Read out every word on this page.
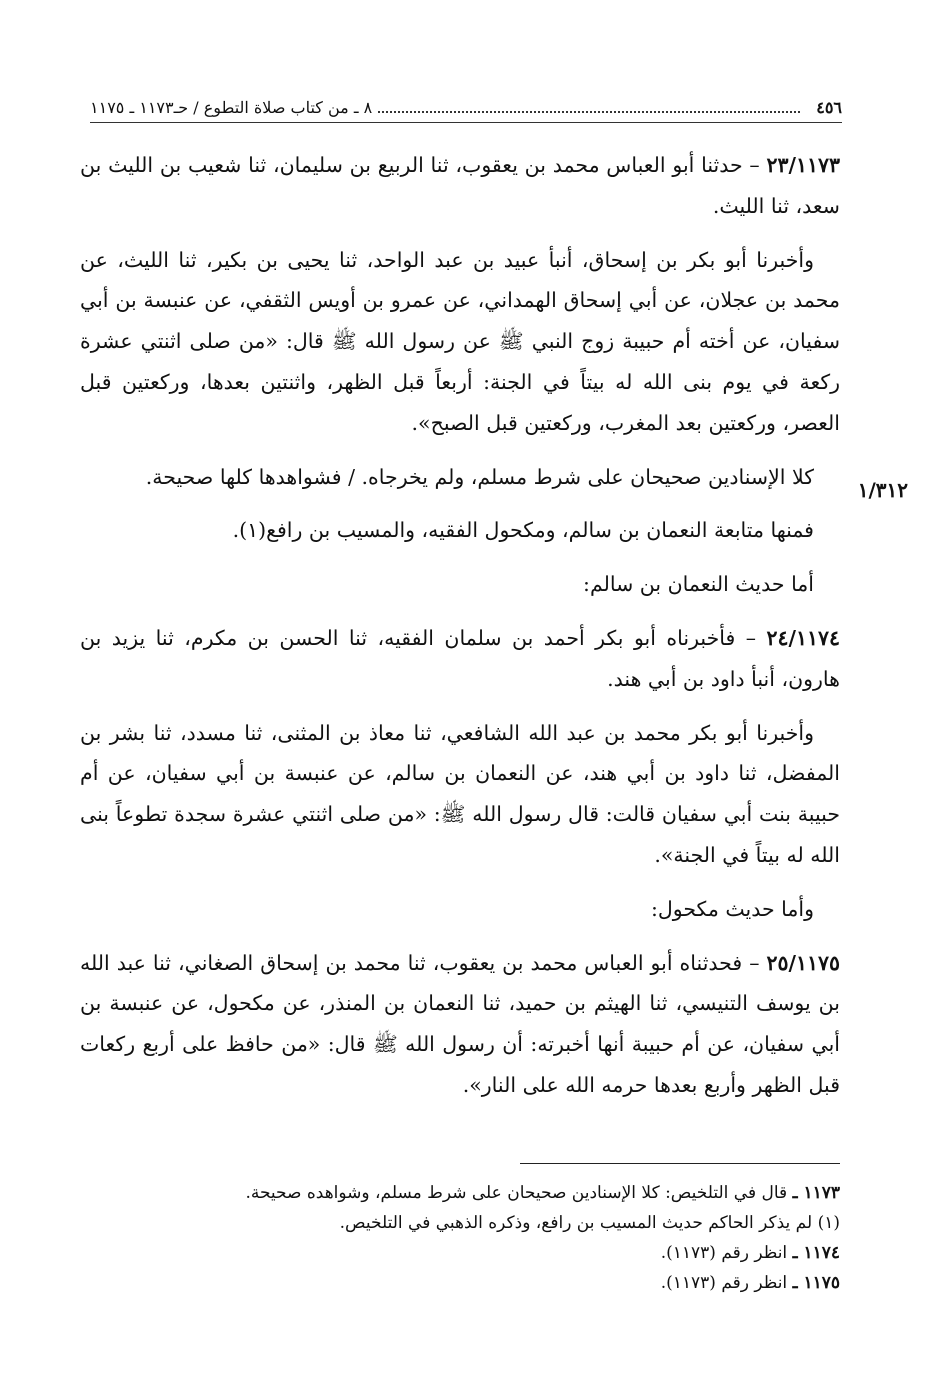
٤٥٦
٨ ـ من كتاب صلاة التطوع / حـ١١٧٣ ـ ١١٧٥
١/٣١٢

٢٣/١١٧٣ – حدثنا أبو العباس محمد بن يعقوب، ثنا الربيع بن سليمان، ثنا شعيب بن الليث بن سعد، ثنا الليث.

وأخبرنا أبو بكر بن إسحاق، أنبأ عبيد بن عبد الواحد، ثنا يحيى بن بكير، ثنا الليث، عن محمد بن عجلان، عن أبي إسحاق الهمداني، عن عمرو بن أويس الثقفي، عن عنبسة بن أبي سفيان، عن أخته أم حبيبة زوج النبي ﷺ عن رسول الله ﷺ قال: «من صلى اثنتي عشرة ركعة في يوم بنى الله له بيتاً في الجنة: أربعاً قبل الظهر، واثنتين بعدها، وركعتين قبل العصر، وركعتين بعد المغرب، وركعتين قبل الصبح».

كلا الإسنادين صحيحان على شرط مسلم، ولم يخرجاه. / فشواهدها كلها صحيحة.

فمنها متابعة النعمان بن سالم، ومكحول الفقيه، والمسيب بن رافع(١).

أما حديث النعمان بن سالم:

٢٤/١١٧٤ – فأخبرناه أبو بكر أحمد بن سلمان الفقيه، ثنا الحسن بن مكرم، ثنا يزيد بن هارون، أنبأ داود بن أبي هند.

وأخبرنا أبو بكر محمد بن عبد الله الشافعي، ثنا معاذ بن المثنى، ثنا مسدد، ثنا بشر بن المفضل، ثنا داود بن أبي هند، عن النعمان بن سالم، عن عنبسة بن أبي سفيان، عن أم حبيبة بنت أبي سفيان قالت: قال رسول الله ﷺ: «من صلى اثنتي عشرة سجدة تطوعاً بنى الله له بيتاً في الجنة».

وأما حديث مكحول:

٢٥/١١٧٥ – فحدثناه أبو العباس محمد بن يعقوب، ثنا محمد بن إسحاق الصغاني، ثنا عبد الله بن يوسف التنيسي، ثنا الهيثم بن حميد، ثنا النعمان بن المنذر، عن مكحول، عن عنبسة بن أبي سفيان، عن أم حبيبة أنها أخبرته: أن رسول الله ﷺ قال: «من حافظ على أربع ركعات قبل الظهر وأربع بعدها حرمه الله على النار».

١١٧٣ ـ قال في التلخيص: كلا الإسنادين صحيحان على شرط مسلم، وشواهده صحيحة.

(١) لم يذكر الحاكم حديث المسيب بن رافع، وذكره الذهبي في التلخيص.

١١٧٤ ـ انظر رقم (١١٧٣).

١١٧٥ ـ انظر رقم (١١٧٣).
